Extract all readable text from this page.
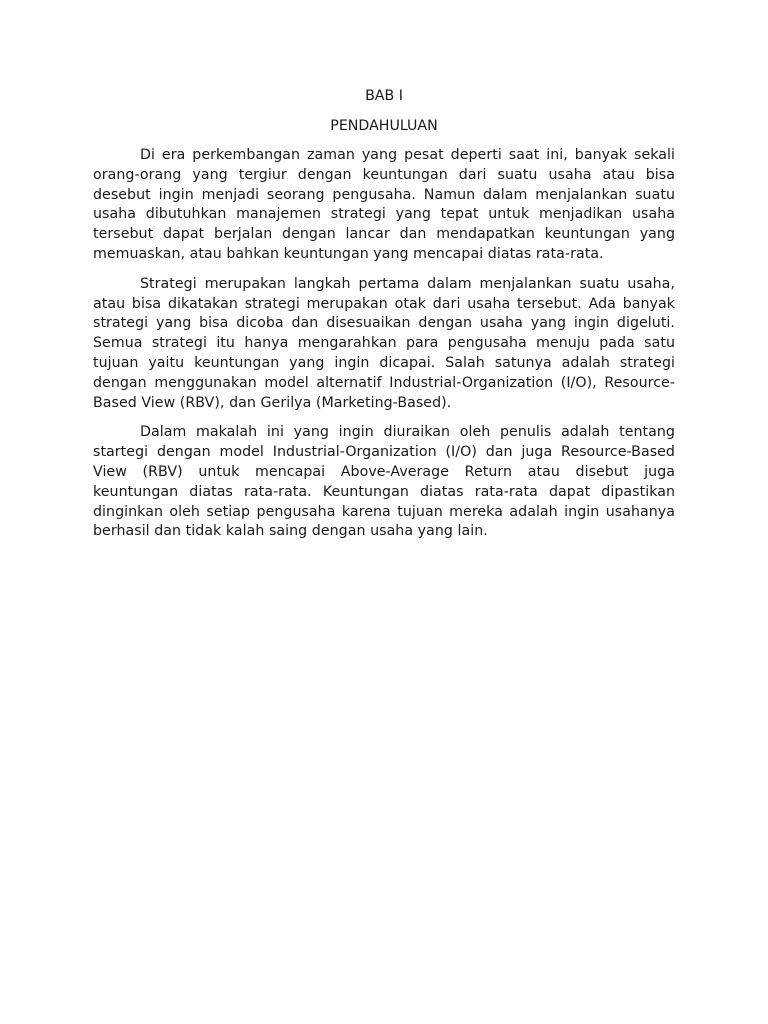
BAB I
PENDAHULUAN

Di era perkembangan zaman yang pesat deperti saat ini, banyak sekali orang-orang yang tergiur dengan keuntungan dari suatu usaha atau bisa desebut ingin menjadi seorang pengusaha. Namun dalam menjalankan suatu usaha dibutuhkan manajemen strategi yang tepat untuk menjadikan usaha tersebut dapat berjalan dengan lancar dan mendapatkan keuntungan yang memuaskan, atau bahkan keuntungan yang mencapai diatas rata-rata.

Strategi merupakan langkah pertama dalam menjalankan suatu usaha, atau bisa dikatakan strategi merupakan otak dari usaha tersebut. Ada banyak strategi yang bisa dicoba dan disesuaikan dengan usaha yang ingin digeluti. Semua strategi itu hanya mengarahkan para pengusaha menuju pada satu tujuan yaitu keuntungan yang ingin dicapai. Salah satunya adalah strategi dengan menggunakan model alternatif Industrial-Organization (I/O), Resource-Based View (RBV), dan Gerilya (Marketing-Based).

Dalam makalah ini yang ingin diuraikan oleh penulis adalah tentang startegi dengan model Industrial-Organization (I/O) dan juga Resource-Based View (RBV) untuk mencapai Above-Average Return atau disebut juga keuntungan diatas rata-rata. Keuntungan diatas rata-rata dapat dipastikan dinginkan oleh setiap pengusaha karena tujuan mereka adalah ingin usahanya berhasil dan tidak kalah saing dengan usaha yang lain.
